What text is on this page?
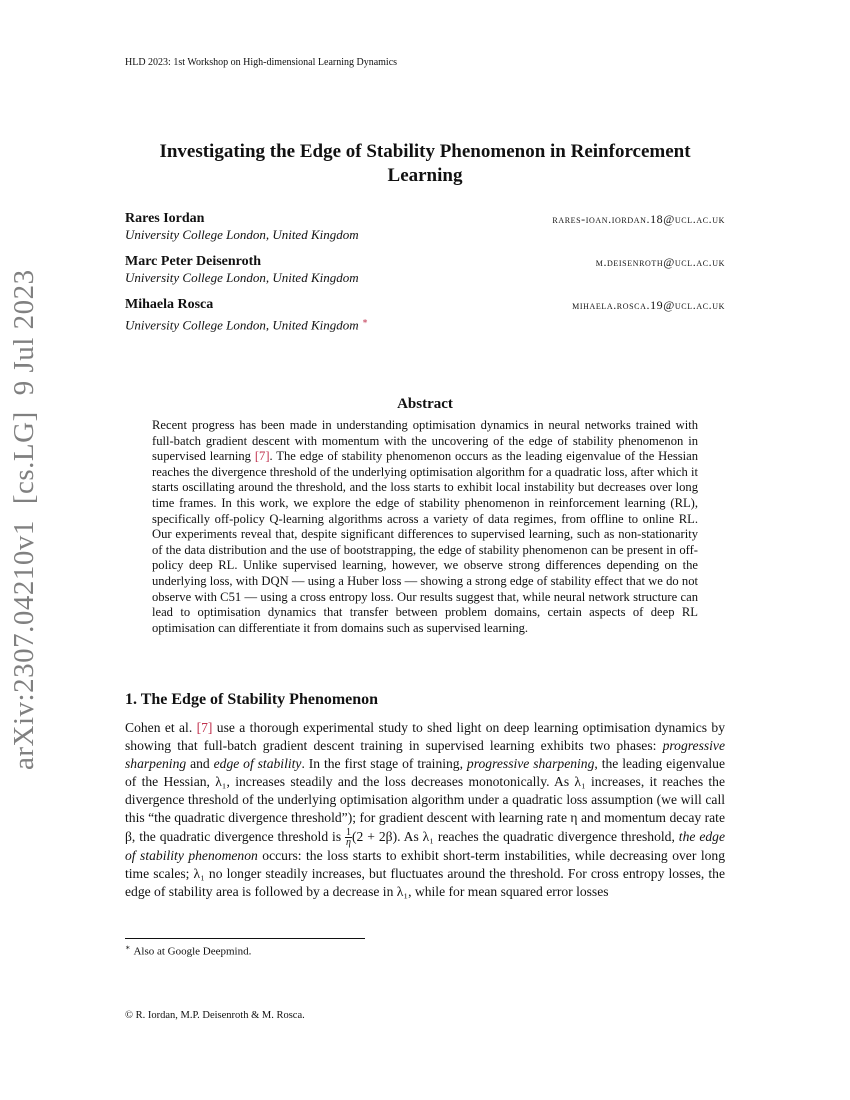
HLD 2023: 1st Workshop on High-dimensional Learning Dynamics
arXiv:2307.04210v1[cs.LG]9 Jul 2023
Investigating the Edge of Stability Phenomenon in Reinforcement Learning
Rares Iordan
University College London, United Kingdom
rares-ioan.iordan.18@ucl.ac.uk
Marc Peter Deisenroth
University College London, United Kingdom
m.deisenroth@ucl.ac.uk
Mihaela Rosca
University College London, United Kingdom ∗
mihaela.rosca.19@ucl.ac.uk
Abstract
Recent progress has been made in understanding optimisation dynamics in neural networks trained with full-batch gradient descent with momentum with the uncovering of the edge of stability phenomenon in supervised learning [7]. The edge of stability phenomenon occurs as the leading eigenvalue of the Hessian reaches the divergence threshold of the underlying optimisation algorithm for a quadratic loss, after which it starts oscillating around the threshold, and the loss starts to exhibit local instability but decreases over long time frames. In this work, we explore the edge of stability phenomenon in reinforcement learning (RL), specifically off-policy Q-learning algorithms across a variety of data regimes, from offline to online RL. Our experiments reveal that, despite significant differences to supervised learning, such as non-stationarity of the data distribution and the use of bootstrapping, the edge of stability phenomenon can be present in off-policy deep RL. Unlike supervised learning, however, we observe strong differences depending on the underlying loss, with DQN — using a Huber loss — showing a strong edge of stability effect that we do not observe with C51 — using a cross entropy loss. Our results suggest that, while neural network structure can lead to optimisation dynamics that transfer between problem domains, certain aspects of deep RL optimisation can differentiate it from domains such as supervised learning.
1. The Edge of Stability Phenomenon
Cohen et al. [7] use a thorough experimental study to shed light on deep learning optimisation dynamics by showing that full-batch gradient descent training in supervised learning exhibits two phases: progressive sharpening and edge of stability. In the first stage of training, progressive sharpening, the leading eigenvalue of the Hessian, λ₁, increases steadily and the loss decreases monotonically. As λ₁ increases, it reaches the divergence threshold of the underlying optimisation algorithm under a quadratic loss assumption (we will call this “the quadratic divergence threshold”); for gradient descent with learning rate η and momentum decay rate β, the quadratic divergence threshold is $\frac{1}{\eta} (2 + 2\beta)$. As λ₁ reaches the quadratic divergence threshold, the edge of stability phenomenon occurs: the loss starts to exhibit short-term instabilities, while decreasing over long time scales; λ₁ no longer steadily increases, but fluctuates around the threshold. For cross entropy losses, the edge of stability area is followed by a decrease in λ₁, while for mean squared error losses
∗ Also at Google Deepmind.
© R. Iordan, M.P. Deisenroth & M. Rosca.
